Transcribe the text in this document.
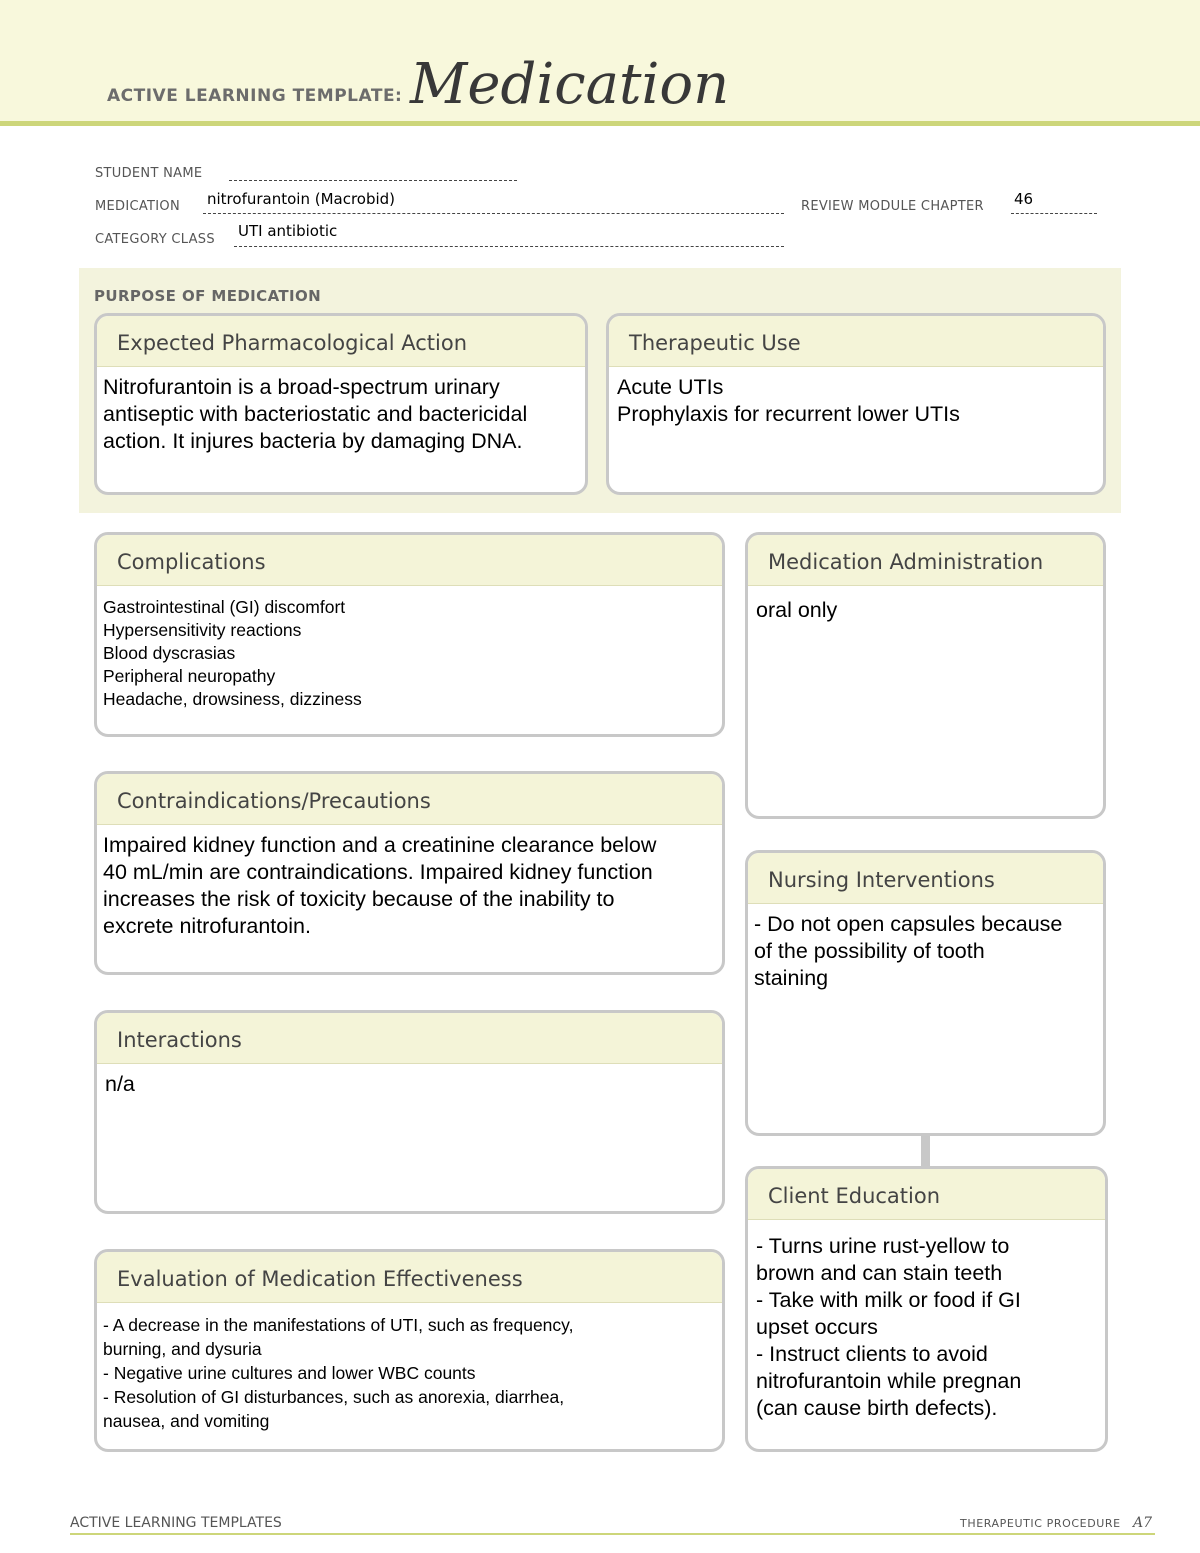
ACTIVE LEARNING TEMPLATE: Medication
STUDENT NAME
MEDICATION nitrofurantoin (Macrobid)	REVIEW MODULE CHAPTER 46
CATEGORY CLASS UTI antibiotic
PURPOSE OF MEDICATION
Expected Pharmacological Action
Nitrofurantoin is a broad-spectrum urinary
antiseptic with bacteriostatic and bactericidal
action. It injures bacteria by damaging DNA.
Therapeutic Use
Acute UTIs
Prophylaxis for recurrent lower UTIs
Complications
Gastrointestinal (GI) discomfort
Hypersensitivity reactions
Blood dyscrasias
Peripheral neuropathy
Headache, drowsiness, dizziness
Contraindications/Precautions
Impaired kidney function and a creatinine clearance below
40 mL/min are contraindications. Impaired kidney function
increases the risk of toxicity because of the inability to
excrete nitrofurantoin.
Interactions
n/a
Evaluation of Medication Effectiveness
- A decrease in the manifestations of UTI, such as frequency,
burning, and dysuria
- Negative urine cultures and lower WBC counts
- Resolution of GI disturbances, such as anorexia, diarrhea,
nausea, and vomiting
Medication Administration
oral only
Nursing Interventions
- Do not open capsules because
of the possibility of tooth
staining
Client Education
- Turns urine rust-yellow to
brown and can stain teeth
- Take with milk or food if GI
upset occurs
- Instruct clients to avoid
nitrofurantoin while pregnan
(can cause birth defects).
ACTIVE LEARNING TEMPLATES	THERAPEUTIC PROCEDURE A7
